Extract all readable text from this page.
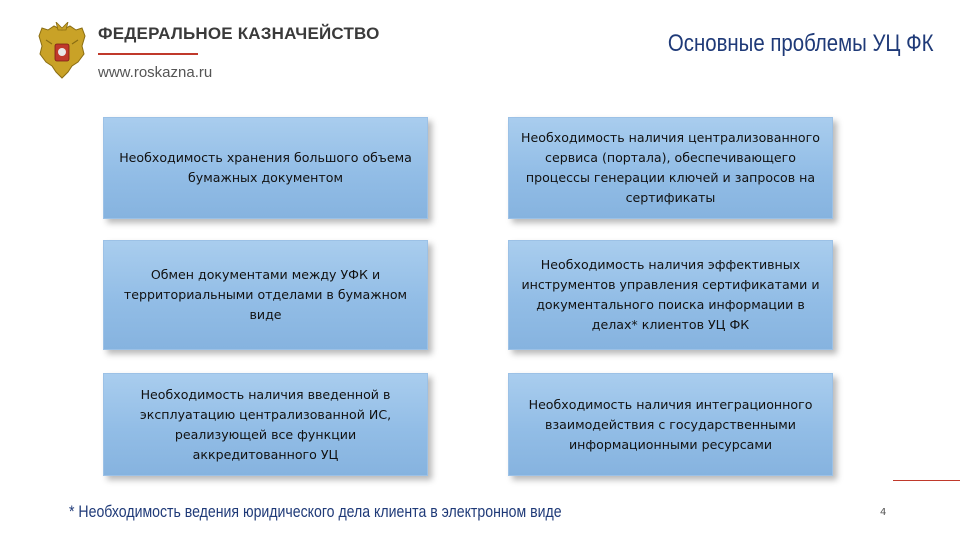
ФЕДЕРАЛЬНОЕ КАЗНАЧЕЙСТВО
www.roskazna.ru
Основные проблемы УЦ ФК
Необходимость хранения большого объема бумажных документом
Обмен документами между УФК и территориальными отделами в бумажном виде
Необходимость наличия введенной в эксплуатацию централизованной ИС, реализующей все функции аккредитованного УЦ
Необходимость наличия централизованного сервиса (портала), обеспечивающего процессы генерации ключей и запросов на сертификаты
Необходимость наличия эффективных инструментов управления сертификатами и документального поиска информации в делах* клиентов УЦ ФК
Необходимость наличия интеграционного взаимодействия с государственными информационными ресурсами
* Необходимость ведения юридического дела клиента в электронном виде	4
